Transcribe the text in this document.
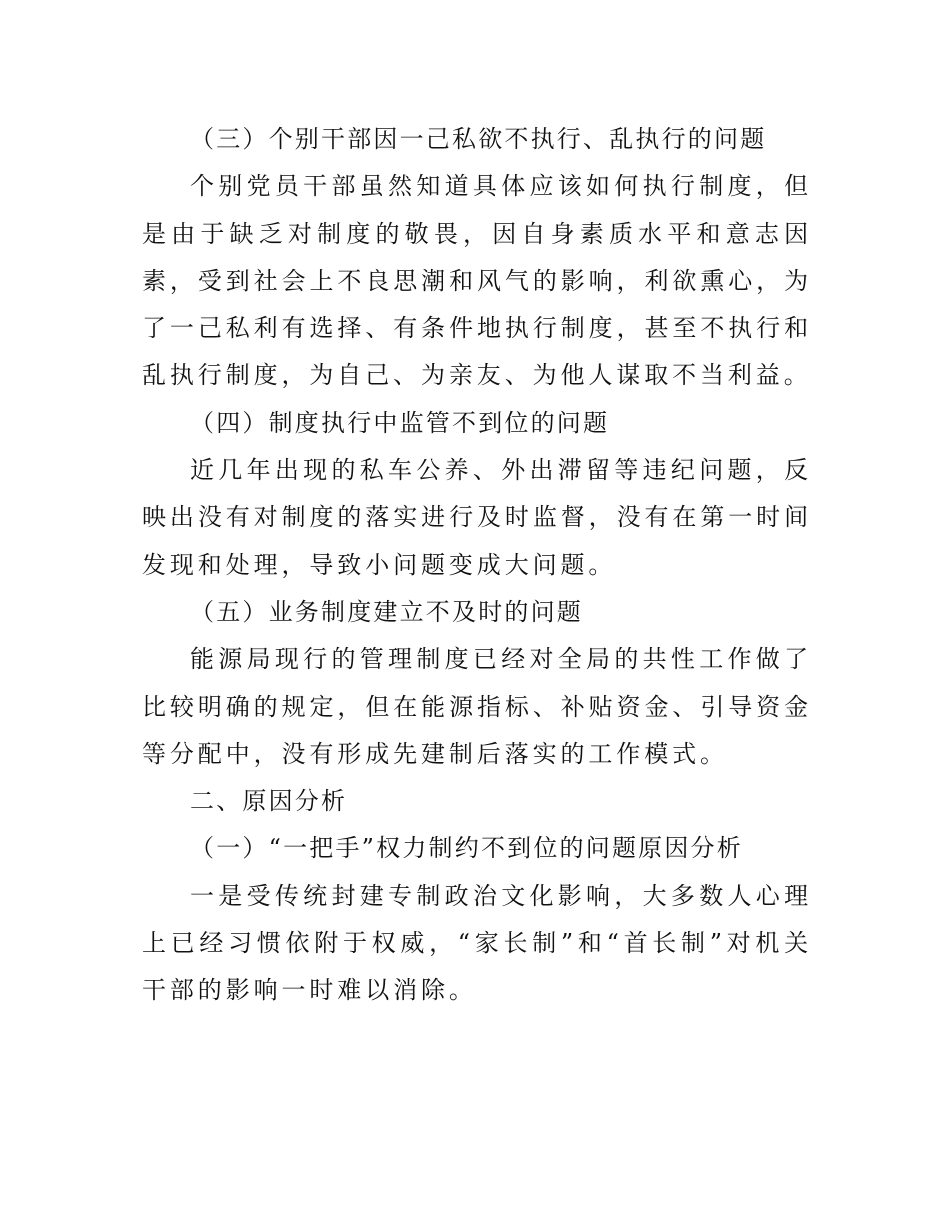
（三）个别干部因一己私欲不执行、乱执行的问题

个别党员干部虽然知道具体应该如何执行制度，但是由于缺乏对制度的敬畏，因自身素质水平和意志因素，受到社会上不良思潮和风气的影响，利欲熏心，为了一己私利有选择、有条件地执行制度，甚至不执行和乱执行制度，为自己、为亲友、为他人谋取不当利益。

（四）制度执行中监管不到位的问题

近几年出现的私车公养、外出滞留等违纪问题，反映出没有对制度的落实进行及时监督，没有在第一时间发现和处理，导致小问题变成大问题。

（五）业务制度建立不及时的问题

能源局现行的管理制度已经对全局的共性工作做了比较明确的规定，但在能源指标、补贴资金、引导资金等分配中，没有形成先建制后落实的工作模式。

二、原因分析

（一）“一把手”权力制约不到位的问题原因分析

一是受传统封建专制政治文化影响，大多数人心理上已经习惯依附于权威，“家长制”和“首长制”对机关干部的影响一时难以消除。
